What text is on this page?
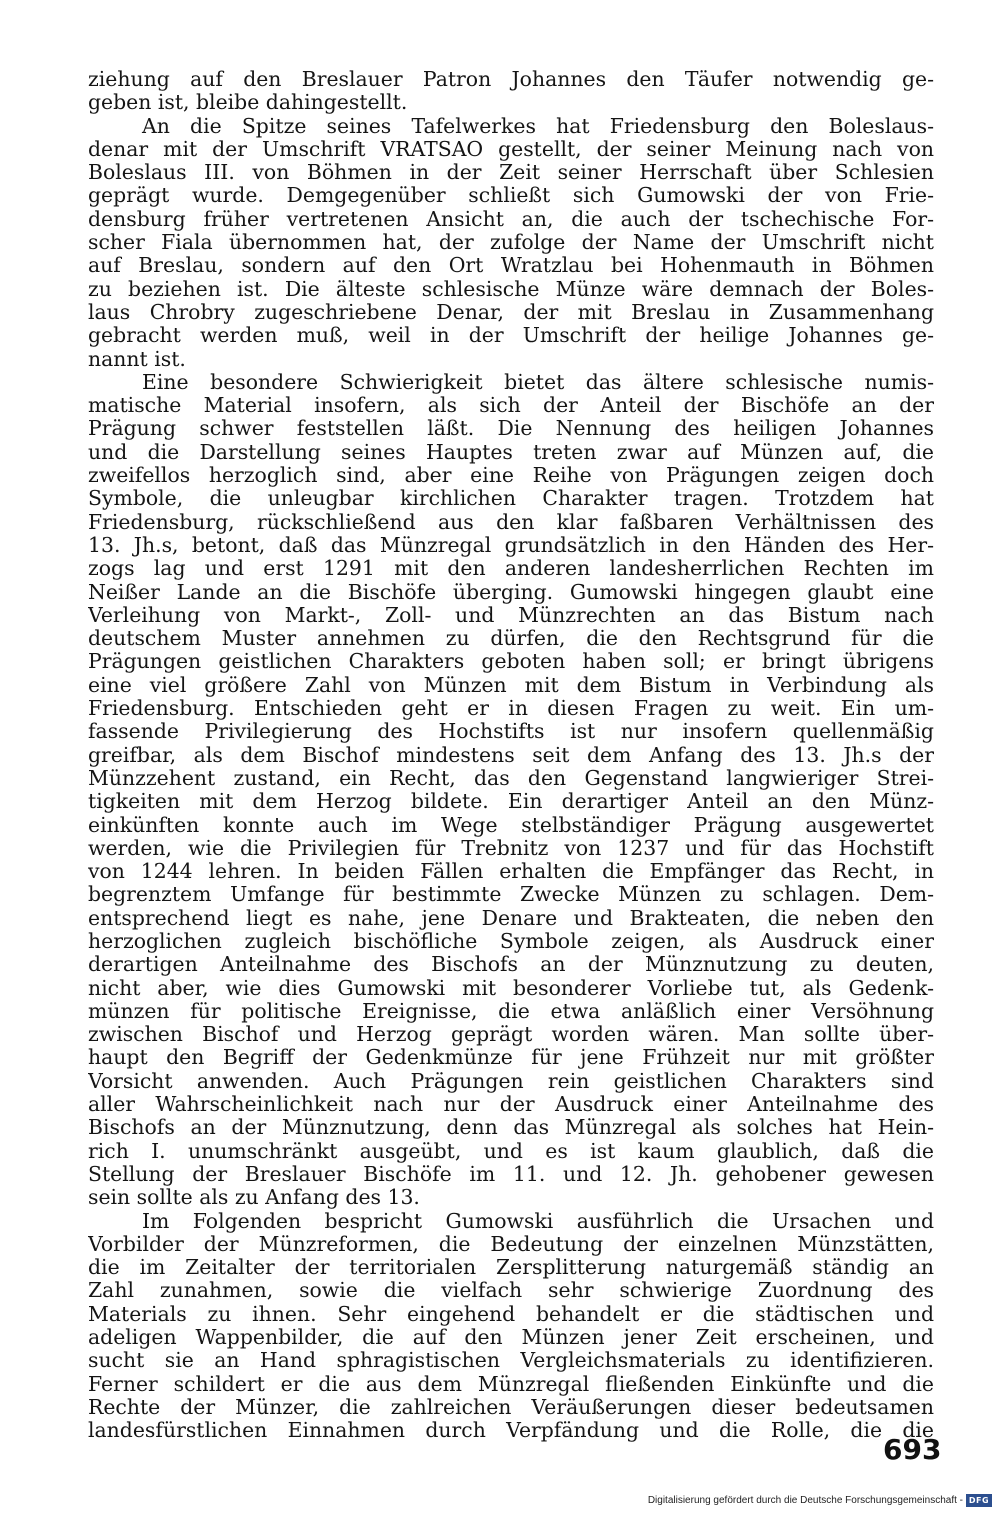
ziehung auf den Breslauer Patron Johannes den Täufer notwendig ge-
geben ist, bleibe dahingestellt.
An die Spitze seines Tafelwerkes hat Friedensburg den Boleslaus-
denar mit der Umschrift VRATSAO gestellt, der seiner Meinung nach von
Boleslaus III. von Böhmen in der Zeit seiner Herrschaft über Schlesien
geprägt wurde. Demgegenüber schließt sich Gumowski der von Frie-
densburg früher vertretenen Ansicht an, die auch der tschechische For-
scher Fiala übernommen hat, der zufolge der Name der Umschrift nicht
auf Breslau, sondern auf den Ort Wratzlau bei Hohenmauth in Böhmen
zu beziehen ist. Die älteste schlesische Münze wäre demnach der Boles-
laus Chrobry zugeschriebene Denar, der mit Breslau in Zusammenhang
gebracht werden muß, weil in der Umschrift der heilige Johannes ge-
nannt ist.
Eine besondere Schwierigkeit bietet das ältere schlesische numis-
matische Material insofern, als sich der Anteil der Bischöfe an der
Prägung schwer feststellen läßt. Die Nennung des heiligen Johannes
und die Darstellung seines Hauptes treten zwar auf Münzen auf, die
zweifellos herzoglich sind, aber eine Reihe von Prägungen zeigen doch
Symbole, die unleugbar kirchlichen Charakter tragen. Trotzdem hat
Friedensburg, rückschließend aus den klar faßbaren Verhältnissen des
13. Jh.s, betont, daß das Münzregal grundsätzlich in den Händen des Her-
zogs lag und erst 1291 mit den anderen landesherrlichen Rechten im
Neißer Lande an die Bischöfe überging. Gumowski hingegen glaubt eine
Verleihung von Markt-, Zoll- und Münzrechten an das Bistum nach
deutschem Muster annehmen zu dürfen, die den Rechtsgrund für die
Prägungen geistlichen Charakters geboten haben soll; er bringt übrigens
eine viel größere Zahl von Münzen mit dem Bistum in Verbindung als
Friedensburg. Entschieden geht er in diesen Fragen zu weit. Ein um-
fassende Privilegierung des Hochstifts ist nur insofern quellenmäßig
greifbar, als dem Bischof mindestens seit dem Anfang des 13. Jh.s der
Münzzehent zustand, ein Recht, das den Gegenstand langwieriger Strei-
tigkeiten mit dem Herzog bildete. Ein derartiger Anteil an den Münz-
einkünften konnte auch im Wege stelbständiger Prägung ausgewertet
werden, wie die Privilegien für Trebnitz von 1237 und für das Hochstift
von 1244 lehren. In beiden Fällen erhalten die Empfänger das Recht, in
begrenztem Umfange für bestimmte Zwecke Münzen zu schlagen. Dem-
entsprechend liegt es nahe, jene Denare und Brakteaten, die neben den
herzoglichen zugleich bischöfliche Symbole zeigen, als Ausdruck einer
derartigen Anteilnahme des Bischofs an der Münznutzung zu deuten,
nicht aber, wie dies Gumowski mit besonderer Vorliebe tut, als Gedenk-
münzen für politische Ereignisse, die etwa anläßlich einer Versöhnung
zwischen Bischof und Herzog geprägt worden wären. Man sollte über-
haupt den Begriff der Gedenkmünze für jene Frühzeit nur mit größter
Vorsicht anwenden. Auch Prägungen rein geistlichen Charakters sind
aller Wahrscheinlichkeit nach nur der Ausdruck einer Anteilnahme des
Bischofs an der Münznutzung, denn das Münzregal als solches hat Hein-
rich I. unumschränkt ausgeübt, und es ist kaum glaublich, daß die
Stellung der Breslauer Bischöfe im 11. und 12. Jh. gehobener gewesen
sein sollte als zu Anfang des 13.
Im Folgenden bespricht Gumowski ausführlich die Ursachen und
Vorbilder der Münzreformen, die Bedeutung der einzelnen Münzstätten,
die im Zeitalter der territorialen Zersplitterung naturgemäß ständig an
Zahl zunahmen, sowie die vielfach sehr schwierige Zuordnung des
Materials zu ihnen. Sehr eingehend behandelt er die städtischen und
adeligen Wappenbilder, die auf den Münzen jener Zeit erscheinen, und
sucht sie an Hand sphragistischen Vergleichsmaterials zu identifizieren.
Ferner schildert er die aus dem Münzregal fließenden Einkünfte und die
Rechte der Münzer, die zahlreichen Veräußerungen dieser bedeutsamen
landesfürstlichen Einnahmen durch Verpfändung und die Rolle, die die
693
Digitalisierung gefördert durch die Deutsche Forschungsgemeinschaft - DFG
